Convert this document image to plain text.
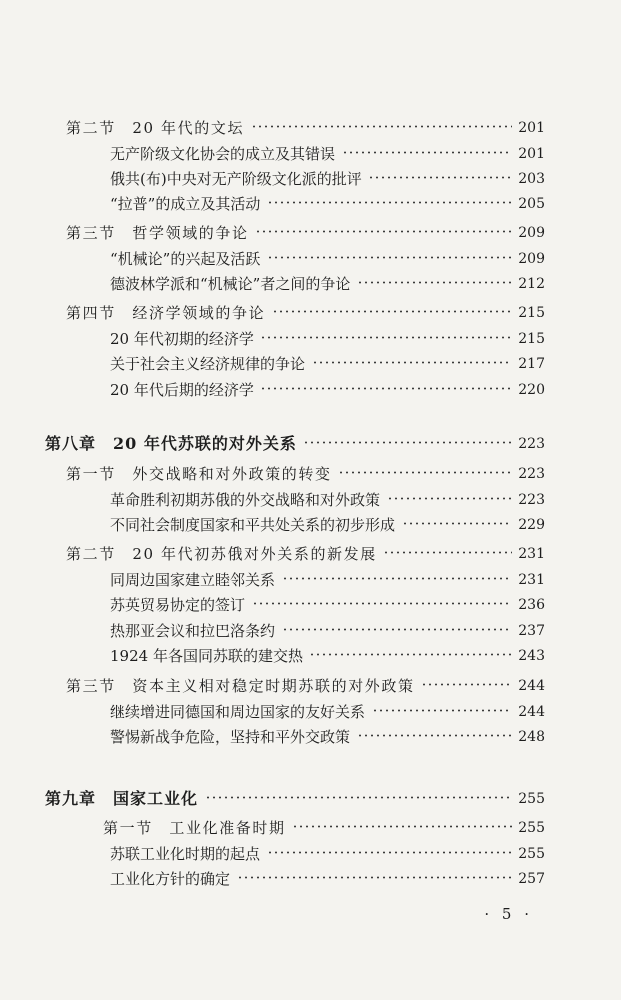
第二节　20 年代的文坛	201
无产阶级文化协会的成立及其错误	201
俄共(布)中央对无产阶级文化派的批评	203
“拉普”的成立及其活动	205
第三节　哲学领域的争论	209
“机械论”的兴起及活跃	209
德波林学派和“机械论”者之间的争论	212
第四节　经济学领域的争论	215
20 年代初期的经济学	215
关于社会主义经济规律的争论	217
20 年代后期的经济学	220
第八章　20 年代苏联的对外关系	223
第一节　外交战略和对外政策的转变	223
革命胜利初期苏俄的外交战略和对外政策	223
不同社会制度国家和平共处关系的初步形成	229
第二节　20 年代初苏俄对外关系的新发展	231
同周边国家建立睦邻关系	231
苏英贸易协定的签订	236
热那亚会议和拉巴洛条约	237
1924 年各国同苏联的建交热	243
第三节　资本主义相对稳定时期苏联的对外政策	244
继续增进同德国和周边国家的友好关系	244
警惕新战争危险，坚持和平外交政策	248
第九章　国家工业化	255
第一节　工业化准备时期	255
苏联工业化时期的起点	255
工业化方针的确定	257
· 5 ·
